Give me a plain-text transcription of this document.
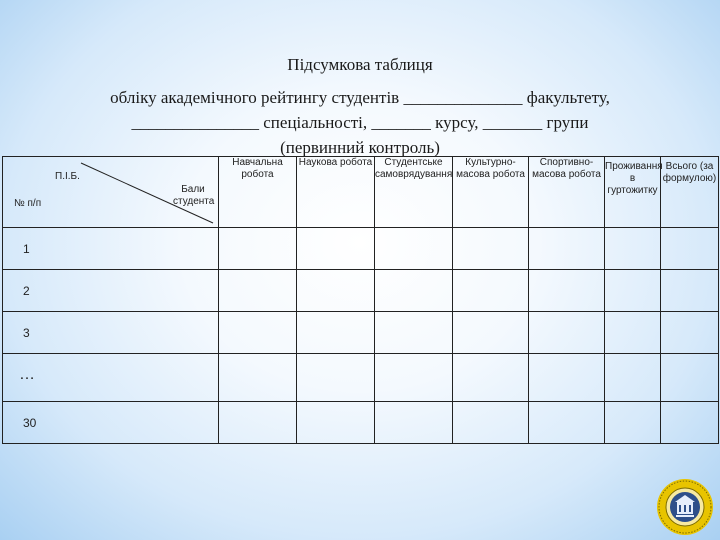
Підсумкова таблиця
обліку академічного рейтингу студентів ______________ факультету,
_______________ спеціальності, _______ курсу, _______ групи
(первинний контроль)
П.І.Б.
Бали студента
№ п/п	Навчальна робота	Наукова робота	Студентське самоврядування	Культурно-масова робота	Спортивно-масова робота	Проживання в гуртожитку	Всього (за формулою)
1							
2							
3							
…							
30							
